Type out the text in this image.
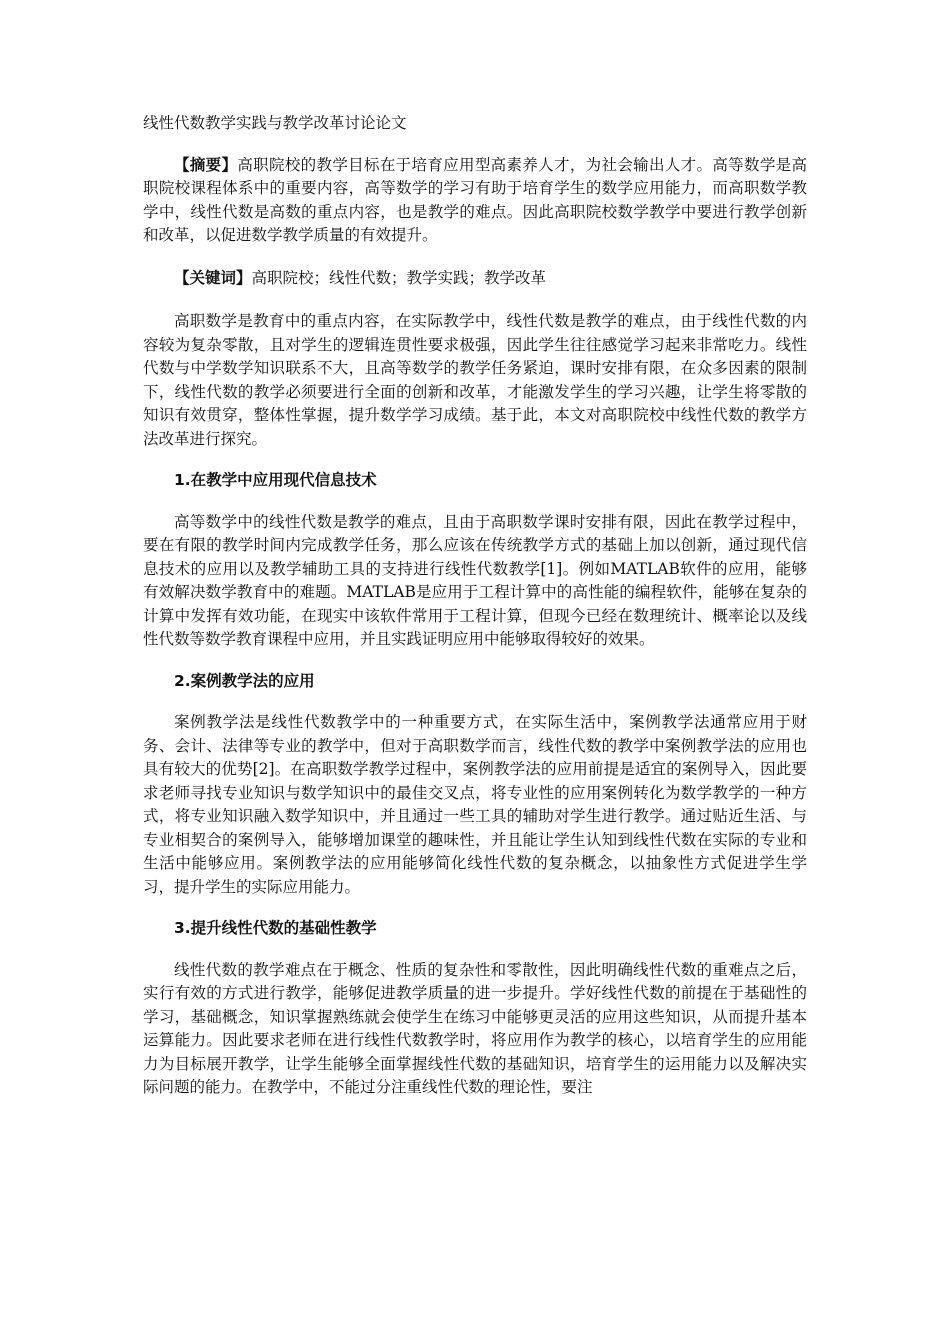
线性代数教学实践与教学改革讨论论文

【摘要】高职院校的教学目标在于培育应用型高素养人才，为社会输出人才。高等数学是高职院校课程体系中的重要内容，高等数学的学习有助于培育学生的数学应用能力，而高职数学教学中，线性代数是高数的重点内容，也是教学的难点。因此高职院校数学教学中要进行教学创新和改革，以促进数学教学质量的有效提升。

【关键词】高职院校；线性代数；教学实践；教学改革

高职数学是教育中的重点内容，在实际教学中，线性代数是教学的难点，由于线性代数的内容较为复杂零散，且对学生的逻辑连贯性要求极强，因此学生往往感觉学习起来非常吃力。线性代数与中学数学知识联系不大，且高等数学的教学任务紧迫，课时安排有限，在众多因素的限制下，线性代数的教学必须要进行全面的创新和改革，才能激发学生的学习兴趣，让学生将零散的知识有效贯穿，整体性掌握，提升数学学习成绩。基于此，本文对高职院校中线性代数的教学方法改革进行探究。

1.在教学中应用现代信息技术

高等数学中的线性代数是教学的难点，且由于高职数学课时安排有限，因此在教学过程中，要在有限的教学时间内完成教学任务，那么应该在传统教学方式的基础上加以创新，通过现代信息技术的应用以及教学辅助工具的支持进行线性代数教学[1]。例如MATLAB软件的应用，能够有效解决数学教育中的难题。MATLAB是应用于工程计算中的高性能的编程软件，能够在复杂的计算中发挥有效功能，在现实中该软件常用于工程计算，但现今已经在数理统计、概率论以及线性代数等数学教育课程中应用，并且实践证明应用中能够取得较好的效果。

2.案例教学法的应用

案例教学法是线性代数教学中的一种重要方式，在实际生活中，案例教学法通常应用于财务、会计、法律等专业的教学中，但对于高职数学而言，线性代数的教学中案例教学法的应用也具有较大的优势[2]。在高职数学教学过程中，案例教学法的应用前提是适宜的案例导入，因此要求老师寻找专业知识与数学知识中的最佳交叉点，将专业性的应用案例转化为数学教学的一种方式，将专业知识融入数学知识中，并且通过一些工具的辅助对学生进行教学。通过贴近生活、与专业相契合的案例导入，能够增加课堂的趣味性，并且能让学生认知到线性代数在实际的专业和生活中能够应用。案例教学法的应用能够简化线性代数的复杂概念，以抽象性方式促进学生学习，提升学生的实际应用能力。

3.提升线性代数的基础性教学

线性代数的教学难点在于概念、性质的复杂性和零散性，因此明确线性代数的重难点之后，实行有效的方式进行教学，能够促进教学质量的进一步提升。学好线性代数的前提在于基础性的学习，基础概念，知识掌握熟练就会使学生在练习中能够更灵活的应用这些知识，从而提升基本运算能力。因此要求老师在进行线性代数教学时，将应用作为教学的核心，以培育学生的应用能力为目标展开教学，让学生能够全面掌握线性代数的基础知识，培育学生的运用能力以及解决实际问题的能力。在教学中，不能过分注重线性代数的理论性，要注
